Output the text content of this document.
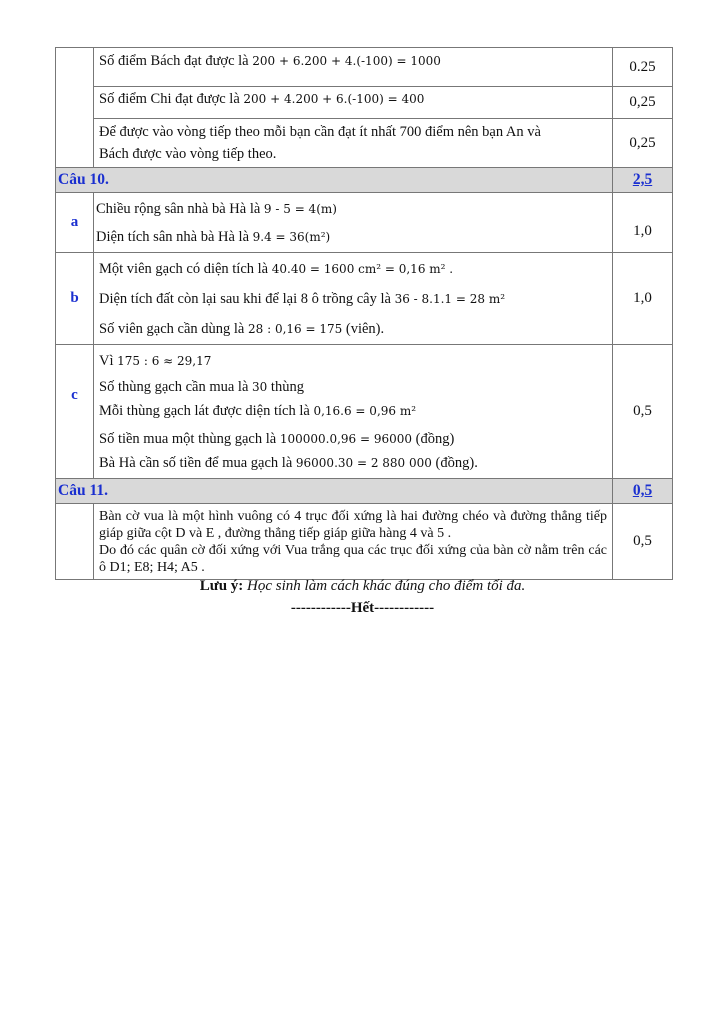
	Số điểm Bách đạt được là 200 + 6.200 + 4.(-100) = 1000	0.25

	Số điểm Chi đạt được là 200 + 4.200 + 6.(-100) = 400	0,25

	Để được vào vòng tiếp theo mỗi bạn cần đạt ít nhất 700 điểm nên bạn An và
Bách được vào vòng tiếp theo.	0,25
Câu 10.		2,5
a	Chiều rộng sân nhà bà Hà là 9 - 5 = 4(m)
Diện tích sân nhà bà Hà là 9.4 = 36(m²)	1,0
b	Một viên gạch có diện tích là 40.40 = 1600 cm² = 0,16 m² .
Diện tích đất còn lại sau khi để lại 8 ô trồng cây là 36 - 8.1.1 = 28 m²
Số viên gạch cần dùng là 28 : 0,16 = 175 (viên).	1,0
c	Vì 175 : 6 ≈ 29,17
Số thùng gạch cần mua là 30 thùng
Mỗi thùng gạch lát được diện tích là 0,16.6 = 0,96 m²
Số tiền mua một thùng gạch là 100000.0,96 = 96000 (đồng)
Bà Hà cần số tiền để mua gạch là 96000.30 = 2 880 000 (đồng).	0,5
Câu 11.		0,5

	Bàn cờ vua là một hình vuông có 4 trục đối xứng là hai đường chéo và đường thẳng tiếp giáp giữa cột D và E , đường thẳng tiếp giáp giữa hàng 4 và 5 .
Do đó các quân cờ đối xứng với Vua trắng qua các trục đối xứng của bàn cờ nằm trên các ô D1; E8; H4; A5 .	0,5
Lưu ý: Học sinh làm cách khác đúng cho điểm tối đa.
------------Hết------------
